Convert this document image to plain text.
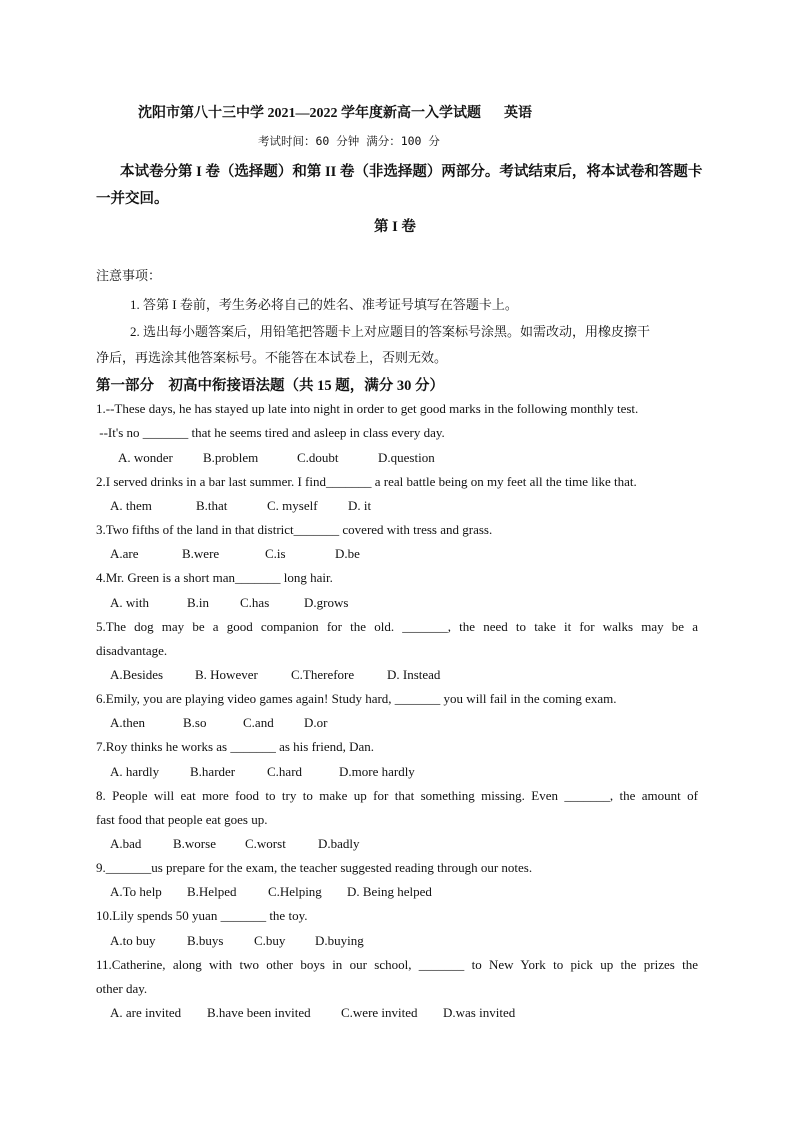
沈阳市第八十三中学 2021—2022 学年度新高一入学试题 英语
考试时间：60 分钟 满分：100 分
本试卷分第 I 卷（选择题）和第 II 卷（非选择题）两部分。考试结束后，将本试卷和答题卡
一并交回。
第 I 卷
注意事项：
1. 答第 I 卷前，考生务必将自己的姓名、准考证号填写在答题卡上。
2. 选出每小题答案后，用铅笔把答题卡上对应题目的答案标号涂黑。如需改动，用橡皮擦干
净后，再选涂其他答案标号。不能答在本试卷上，否则无效。
第一部分　初高中衔接语法题（共 15 题，满分 30 分）
1.--These days, he has stayed up late into night in order to get good marks in the following monthly test.
--It's no _______ that he seems tired and asleep in class every day.
A. wonder B.problem	C.doubt	D.question
2.I served drinks in a bar last summer. I find_______ a real battle being on my feet all the time like that.
A. them	B.that	C. myself D. it
3.Two fifths of the land in that district_______ covered with tress and grass.
A.are	B.were	C.is	D.be
4.Mr. Green is a short man_______ long hair.
A. with	B.in C.has	D.grows
5.The dog may be a good companion for the old. _______, the need to take it for walks may be a
disadvantage.
A.Besides B. However	C.Therefore	D. Instead
6.Emily, you are playing video games again! Study hard, _______ you will fail in the coming exam.
A.then	B.so	C.and D.or
7.Roy thinks he works as _______ as his friend, Dan.
A. hardly B.harder C.hard	D.more hardly
8. People will eat more food to try to make up for that something missing. Even _______, the amount of
fast food that people eat goes up.
A.bad B.worse C.worst D.badly
9._______us prepare for the exam, the teacher suggested reading through our notes.
A.To help B.Helped C.Helping D. Being helped
10.Lily spends 50 yuan _______ the toy.
A.to buy B.buys C.buy D.buying
11.Catherine, along with two other boys in our school, _______ to New York to pick up the prizes the
other day.
A. are invited B.have been invited C.were invited D.was invited
